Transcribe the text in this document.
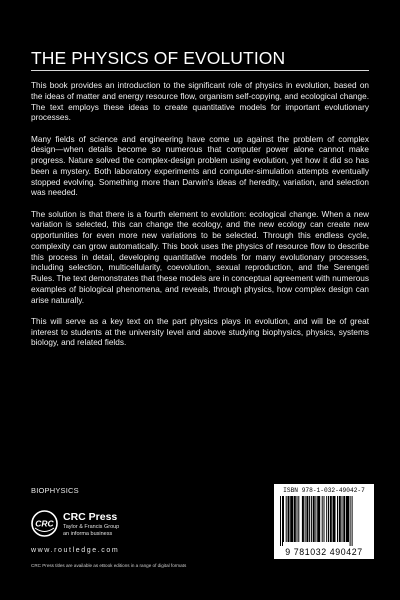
THE PHYSICS OF EVOLUTION

This book provides an introduction to the significant role of physics in evolution, based on the ideas of matter and energy resource flow, organism self-copying, and ecological change. The text employs these ideas to create quantitative models for important evolutionary processes.

Many fields of science and engineering have come up against the problem of complex design—when details become so numerous that computer power alone cannot make progress. Nature solved the complex-design problem using evolution, yet how it did so has been a mystery. Both laboratory experiments and computer-simulation attempts eventually stopped evolving. Something more than Darwin's ideas of heredity, variation, and selection was needed.

The solution is that there is a fourth element to evolution: ecological change. When a new variation is selected, this can change the ecology, and the new ecology can create new opportunities for even more new variations to be selected. Through this endless cycle, complexity can grow automatically. This book uses the physics of resource flow to describe this process in detail, developing quantitative models for many evolutionary processes, including selection, multicellularity, coevolution, sexual reproduction, and the Serengeti Rules. The text demonstrates that these models are in conceptual agreement with numerous examples of biological phenomena, and reveals, through physics, how complex design can arise naturally.

This will serve as a key text on the part physics plays in evolution, and will be of great interest to students at the university level and above studying biophysics, physics, systems biology, and related fields.

BIOPHYSICS
CRC
CRC Press
Taylor & Francis Group
an informa business
www.routledge.com
CRC Press titles are available as eBook editions in a range of digital formats
ISBN 978-1-032-49042-7
9 781032 490427
